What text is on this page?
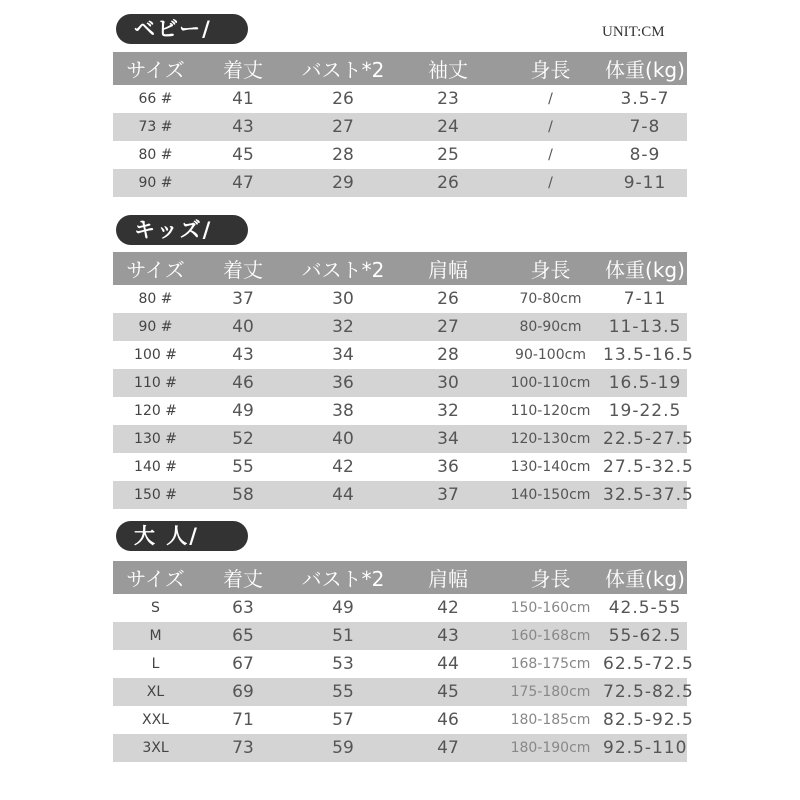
ベビー/	UNIT:CM
サイズ	着丈	バスト*2	袖丈	身長	体重(kg)
66 #	41	26	23	/	3.5-7
73 #	43	27	24	/	7-8
80 #	45	28	25	/	8-9
90 #	47	29	26	/	9-11
キッズ/
サイズ	着丈	バスト*2	肩幅	身長	体重(kg)
80 #	37	30	26	70-80cm	7-11
90 #	40	32	27	80-90cm	11-13.5
100 #	43	34	28	90-100cm	13.5-16.5
110 #	46	36	30	100-110cm	16.5-19
120 #	49	38	32	110-120cm	19-22.5
130 #	52	40	34	120-130cm 22.5-27.5
140 #	55	42	36	130-140cm 27.5-32.5
150 #	58	44	37	140-150cm 32.5-37.5
大 人/
サイズ	着丈	バスト*2	肩幅	身長	体重(kg)
S	63	49	42	150-160cm	42.5-55
M	65	51	43	160-168cm	55-62.5
L	67	53	44	168-175cm 62.5-72.5
XL	69	55	45	175-180cm 72.5-82.5
XXL	71	57	46	180-185cm 82.5-92.5
3XL	73	59	47	180-190cm 92.5-110
